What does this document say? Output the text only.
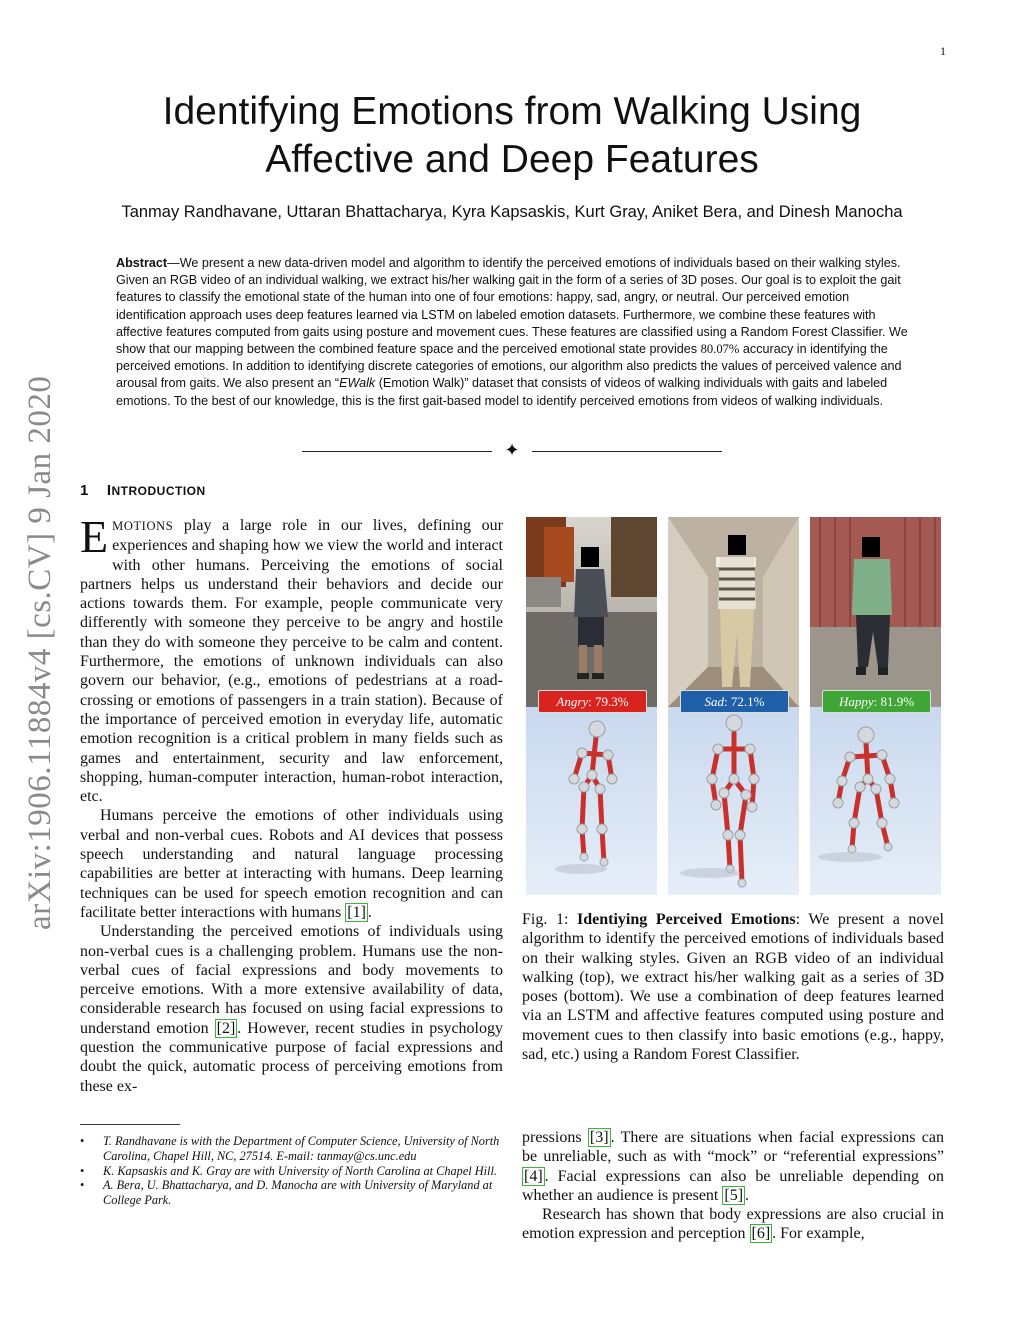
1
arXiv:1906.11884v4 [cs.CV] 9 Jan 2020
Identifying Emotions from Walking Using
Affective and Deep Features
Tanmay Randhavane, Uttaran Bhattacharya, Kyra Kapsaskis, Kurt Gray, Aniket Bera, and Dinesh Manocha
Abstract—We present a new data-driven model and algorithm to identify the perceived emotions of individuals based on their walking styles. Given an RGB video of an individual walking, we extract his/her walking gait in the form of a series of 3D poses. Our goal is to exploit the gait features to classify the emotional state of the human into one of four emotions: happy, sad, angry, or neutral. Our perceived emotion identification approach uses deep features learned via LSTM on labeled emotion datasets. Furthermore, we combine these features with affective features computed from gaits using posture and movement cues. These features are classified using a Random Forest Classifier. We show that our mapping between the combined feature space and the perceived emotional state provides 80.07% accuracy in identifying the perceived emotions. In addition to identifying discrete categories of emotions, our algorithm also predicts the values of perceived valence and arousal from gaits. We also present an “EWalk (Emotion Walk)” dataset that consists of videos of walking individuals with gaits and labeled emotions. To the best of our knowledge, this is the first gait-based model to identify perceived emotions from videos of walking individuals.
✦
1 INTRODUCTION

EMOTIONS play a large role in our lives, defining our experiences and shaping how we view the world and interact with other humans. Perceiving the emotions of social partners helps us understand their behaviors and decide our actions towards them. For example, people communicate very differently with someone they perceive to be angry and hostile than they do with someone they perceive to be calm and content. Furthermore, the emotions of unknown individuals can also govern our behavior, (e.g., emotions of pedestrians at a road-crossing or emotions of passengers in a train station). Because of the importance of perceived emotion in everyday life, automatic emotion recognition is a critical problem in many fields such as games and entertainment, security and law enforcement, shopping, human-computer interaction, human-robot interaction, etc.

Humans perceive the emotions of other individuals using verbal and non-verbal cues. Robots and AI devices that possess speech understanding and natural language processing capabilities are better at interacting with humans. Deep learning techniques can be used for speech emotion recognition and can facilitate better interactions with humans [1] .

Understanding the perceived emotions of individuals using non-verbal cues is a challenging problem. Humans use the non-verbal cues of facial expressions and body movements to perceive emotions. With a more extensive availability of data, considerable research has focused on using facial expressions to understand emotion [2] . However, recent studies in psychology question the communicative purpose of facial expressions and doubt the quick, automatic process of perceiving emotions from these ex-

• T. Randhavane is with the Department of Computer Science, University of North Carolina, Chapel Hill, NC, 27514. E-mail: tanmay@cs.unc.edu

• K. Kapsaskis and K. Gray are with University of North Carolina at Chapel Hill.

• A. Bera, U. Bhattacharya, and D. Manocha are with University of Maryland at College Park.

Angry: 79.3%	Sad: 72.1%	Happy: 81.9%
Fig. 1: Identiying Perceived Emotions: We present a novel algorithm to identify the perceived emotions of individuals based on their walking styles. Given an RGB video of an individual walking (top), we extract his/her walking gait as a series of 3D poses (bottom). We use a combination of deep features learned via an LSTM and affective features computed using posture and movement cues to then classify into basic emotions (e.g., happy, sad, etc.) using a Random Forest Classifier.

pressions [3] . There are situations when facial expressions can be unreliable, such as with “mock” or “referential expressions” [4] . Facial expressions can also be unreliable depending on whether an audience is present [5] .

Research has shown that body expressions are also crucial in emotion expression and perception [6] . For example,
